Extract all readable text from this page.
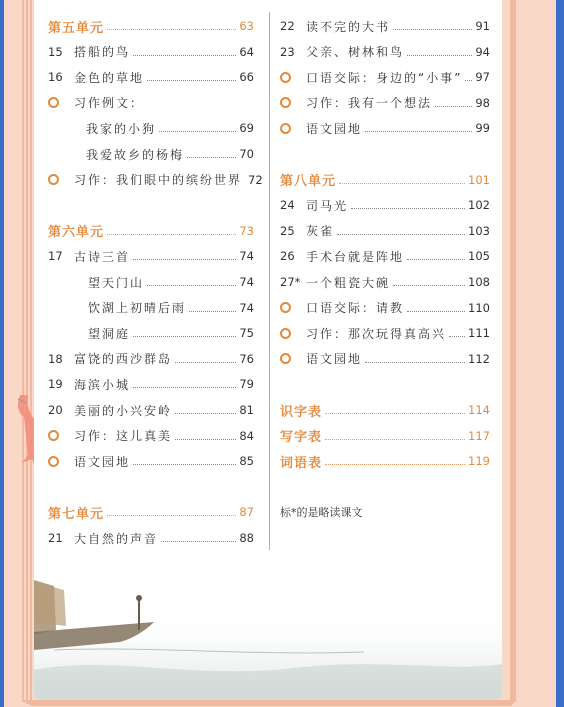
第五单元	63
15 搭船的鸟	64
16 金色的草地	66
习作例文：
我家的小狗	69
我爱故乡的杨梅	70
习作：我们眼中的缤纷世界 72
第六单元	73
17 古诗三首	74
望天门山	74
饮湖上初晴后雨	74
望洞庭	75
18 富饶的西沙群岛	76
19 海滨小城	79
20 美丽的小兴安岭	81
习作：这儿真美	84
语文园地	85
第七单元	87
21 大自然的声音	88
标*的是略读课文
22 读不完的大书	91
23 父亲、树林和鸟	94
口语交际：身边的“小事” 97
习作：我有一个想法	98
语文园地	99
第八单元	101
24 司马光	102
25 灰雀	103
26 手术台就是阵地	105
27* 一个粗瓷大碗	108
口语交际：请教	110
习作：那次玩得真高兴 111
语文园地	112
识字表	114
写字表	117
词语表	119
